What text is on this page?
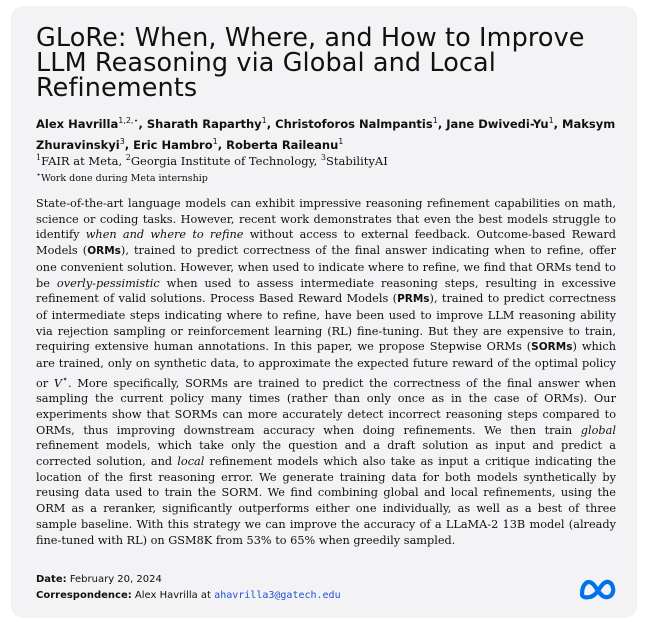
GLoRe: When, Where, and How to Improve
LLM Reasoning via Global and Local
Refinements
Alex Havrilla$^{1,2,⋆}$, Sharath Raparthy$^1$, Christoforos Nalmpantis$^1$, Jane Dwivedi-Yu$^1$, Maksym Zhuravinskyi$^3$, Eric Hambro$^1$, Roberta Raileanu$^1$
$^1$FAIR at Meta, $^2$Georgia Institute of Technology, $^3$StabilityAI
⋆Work done during Meta internship
State-of-the-art language models can exhibit impressive reasoning refinement capabilities on math, science or coding tasks. However, recent work demonstrates that even the best models struggle to identify when and where to refine without access to external feedback. Outcome-based Reward Models (ORMs), trained to predict correctness of the final answer indicating when to refine, offer one convenient solution. However, when used to indicate where to refine, we find that ORMs tend to be overly-pessimistic when used to assess intermediate reasoning steps, resulting in excessive refinement of valid solutions. Process Based Reward Models (PRMs), trained to predict correctness of intermediate steps indicating where to refine, have been used to improve LLM reasoning ability via rejection sampling or reinforcement learning (RL) fine-tuning. But they are expensive to train, requiring extensive human annotations. In this paper, we propose Stepwise ORMs (SORMs) which are trained, only on synthetic data, to approximate the expected future reward of the optimal policy or V⋆. More specifically, SORMs are trained to predict the correctness of the final answer when sampling the current policy many times (rather than only once as in the case of ORMs). Our experiments show that SORMs can more accurately detect incorrect reasoning steps compared to ORMs, thus improving downstream accuracy when doing refinements. We then train global refinement models, which take only the question and a draft solution as input and predict a corrected solution, and local refinement models which also take as input a critique indicating the location of the first reasoning error. We generate training data for both models synthetically by reusing data used to train the SORM. We find combining global and local refinements, using the ORM as a reranker, significantly outperforms either one individually, as well as a best of three sample baseline. With this strategy we can improve the accuracy of a LLaMA-2 13B model (already fine-tuned with RL) on GSM8K from 53% to 65% when greedily sampled.
Date: February 20, 2024
Correspondence: Alex Havrilla at ahavrilla3@gatech.edu
